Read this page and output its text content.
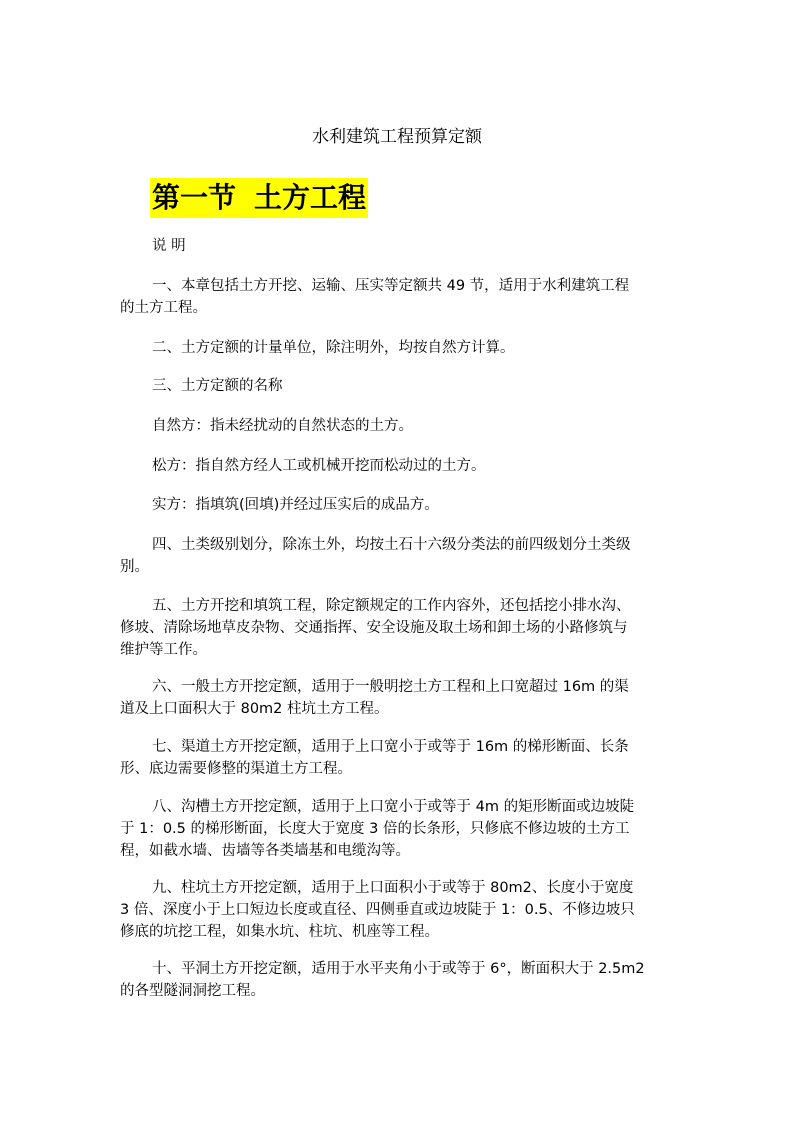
水利建筑工程预算定额
第一节 土方工程

说 明

一、本章包括土方开挖、运输、压实等定额共 49 节，适用于水利建筑工程
的土方工程。

二、土方定额的计量单位，除注明外，均按自然方计算。

三、土方定额的名称

自然方：指未经扰动的自然状态的土方。

松方：指自然方经人工或机械开挖而松动过的土方。

实方：指填筑(回填)并经过压实后的成品方。

四、土类级别划分，除冻土外，均按土石十六级分类法的前四级划分土类级
别。

五、土方开挖和填筑工程，除定额规定的工作内容外，还包括挖小排水沟、
修坡、清除场地草皮杂物、交通指挥、安全设施及取土场和卸土场的小路修筑与
维护等工作。

六、一般土方开挖定额，适用于一般明挖土方工程和上口宽超过 16m 的渠
道及上口面积大于 80m2 柱坑土方工程。

七、渠道土方开挖定额，适用于上口宽小于或等于 16m 的梯形断面、长条
形、底边需要修整的渠道土方工程。

八、沟槽土方开挖定额，适用于上口宽小于或等于 4m 的矩形断面或边坡陡
于 1：0.5 的梯形断面，长度大于宽度 3 倍的长条形，只修底不修边坡的土方工
程，如截水墙、齿墙等各类墙基和电缆沟等。

九、柱坑土方开挖定额，适用于上口面积小于或等于 80m2、长度小于宽度
3 倍、深度小于上口短边长度或直径、四侧垂直或边坡陡于 1：0.5、不修边坡只
修底的坑挖工程，如集水坑、柱坑、机座等工程。

十、平洞土方开挖定额，适用于水平夹角小于或等于 6°，断面积大于 2.5m2
的各型隧洞洞挖工程。
